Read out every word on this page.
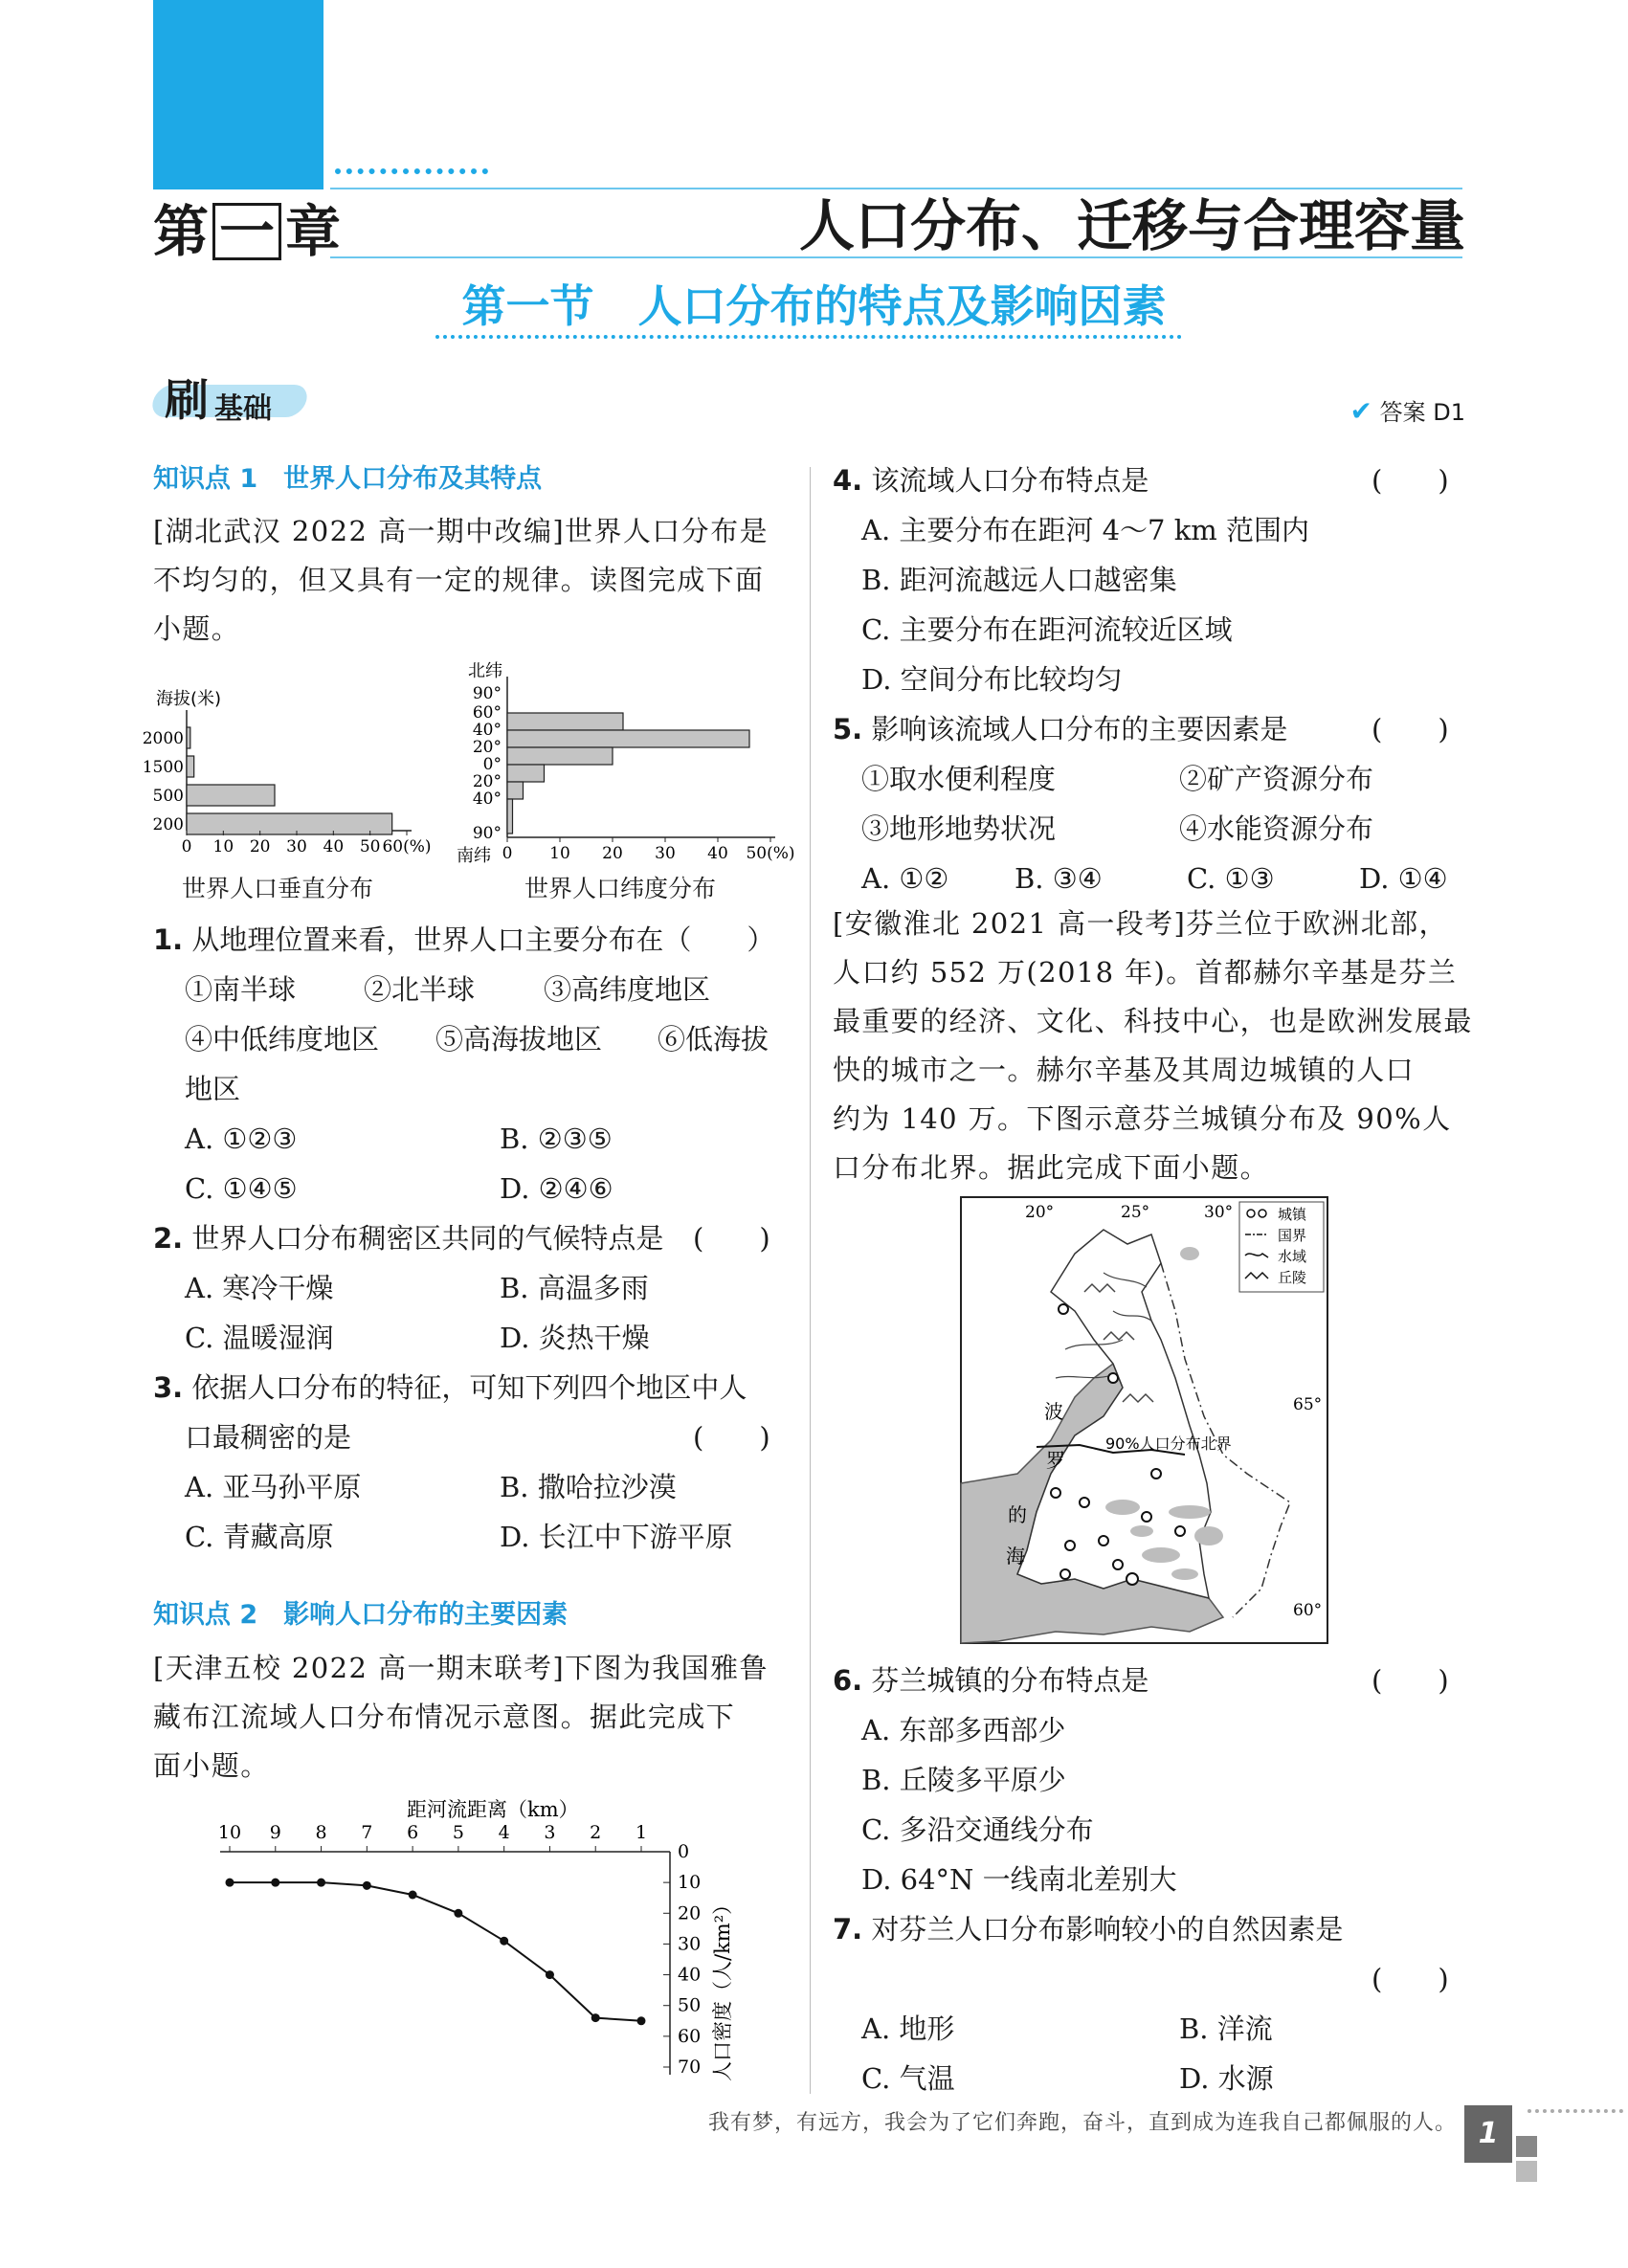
第 一 章	人口分布、迁移与合理容量
第一节　人口分布的特点及影响因素
刷 基础	✔ 答案 D1
知识点 1　世界人口分布及其特点
[湖北武汉 2022 高一期中改编]世界人口分布是
不均匀的，但又具有一定的规律。读图完成下面
小题。
海拔(米)
2000
1500
500
200
0 10 20 30 40 50 60(%)
世界人口垂直分布
北纬
南纬
90°
60°
40°
20°
0°
20°
40°
90°
0 10 20 30 40 50(%)
世界人口纬度分布
1. 从地理位置来看，世界人口主要分布在（　　）
①南半球 ②北半球 ③高纬度地区
④中低纬度地区 ⑤高海拔地区 ⑥低海拔
地区
A. ①②③	B. ②③⑤
C. ①④⑤	D. ②④⑥
2. 世界人口分布稠密区共同的气候特点是 (　　)
A. 寒冷干燥	B. 高温多雨
C. 温暖湿润	D. 炎热干燥
3. 依据人口分布的特征，可知下列四个地区中人
口最稠密的是	(　　)
A. 亚马孙平原	B. 撒哈拉沙漠
C. 青藏高原	D. 长江中下游平原
知识点 2　影响人口分布的主要因素
[天津五校 2022 高一期末联考]下图为我国雅鲁
藏布江流域人口分布情况示意图。据此完成下
面小题。
距河流距离（km）
10 9 8 7 6 5 4 3 2 1
0
10
20
30
40
50
60
70 人口密度（人/km²）
4. 该流域人口分布特点是	(　　)
A. 主要分布在距河 4～7 km 范围内
B. 距河流越远人口越密集
C. 主要分布在距河流较近区域
D. 空间分布比较均匀
5. 影响该流域人口分布的主要因素是	(　　)
①取水便利程度	②矿产资源分布
③地形地势状况	④水能资源分布
A. ①② B. ③④	C. ①③	D. ①④
[安徽淮北 2021 高一段考]芬兰位于欧洲北部，
人口约 552 万(2018 年)。首都赫尔辛基是芬兰
最重要的经济、文化、科技中心，也是欧洲发展最
快的城市之一。赫尔辛基及其周边城镇的人口
约为 140 万。下图示意芬兰城镇分布及 90%人
口分布北界。据此完成下面小题。
20°	25°	30°
65°
60°
城镇
国界
水域
丘陵
波
罗
的
海
90%人口分布北界
6. 芬兰城镇的分布特点是	(　　)
A. 东部多西部少
B. 丘陵多平原少
C. 多沿交通线分布
D. 64°N 一线南北差别大
7. 对芬兰人口分布影响较小的自然因素是
(　　)
A. 地形	B. 洋流
C. 气温	D. 水源
我有梦，有远方，我会为了它们奔跑，奋斗，直到成为连我自己都佩服的人。 1
